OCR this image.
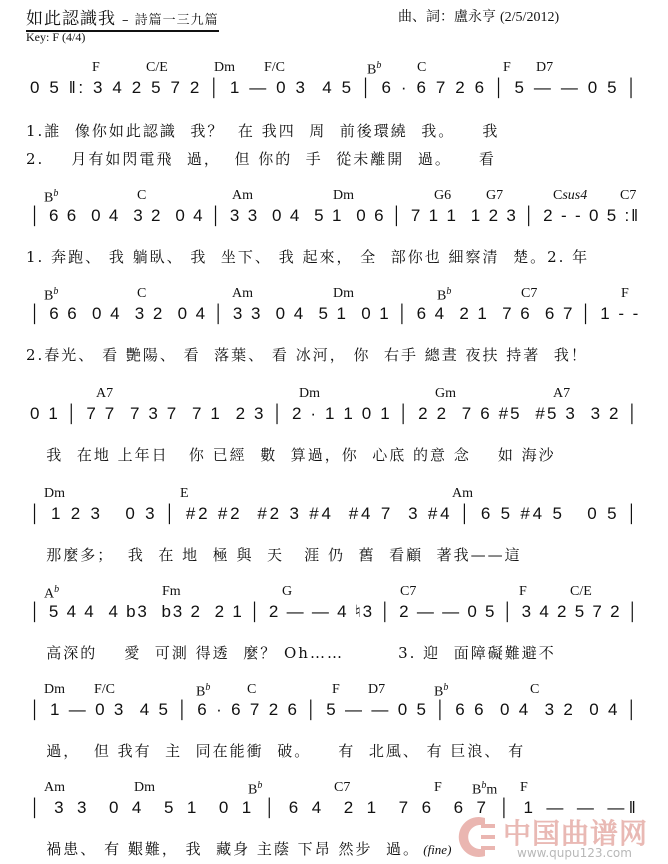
如此認識我 – 詩篇一三九篇	曲、詞：盧永亨 (2/5/2012)
Key: F (4/4)
F	C/E	Dm F/C	$B^b$	C	F D7
0 5 ‖: 3 4 2 5 7 2 │ 1 — 0 3  4 5 │ 6 · 6 7 2 6 │ 5 — — 0 5 │
1.誰  像你如此認識  我？  在 我四  周  前後環繞  我。    我
2.    月有如閃電飛  過，  但 你的  手  從未離開  過。    看
$B^b$	C	Am	Dm	G6 G7	Csus4 C7
│ 6 6  0 4  3 2  0 4 │ 3 3  0 4  5 1  0 6 │ 7 1 1  1 2 3 │ 2 - - 0 5 :‖
1. 奔跑、 我 躺臥、 我  坐下、 我 起來， 全  部你也 細察清  楚。2. 年
$B^b$	C	Am	Dm	$B^b$	C7	F
│ 6 6  0 4  3 2  0 4 │ 3 3  0 4  5 1  0 1 │ 6 4  2 1  7 6  6 7 │ 1 - -
2.春光、 看 艷陽、 看  落葉、 看 冰河， 你  右手 總晝 夜扶 持著  我！
A7	Dm	Gm	A7
0 1 │ 7 7  7 3 7  7 1  2 3 │ 2 · 1 1 0 1 │ 2 2  7 6 #5  #5 3  3 2 │
我  在地 上年日   你 已經  數  算過，你  心底 的意 念    如 海沙
Dm	E	Am
│ 1 2 3   0 3 │ #2 #2  #2 3 #4  #4 7  3 #4 │ 6 5 #4 5   0 5 │
那麼多；  我  在 地  極 與  天   涯 仍  舊  看顧  著我——這
$A^b$	Fm	G	C7	F	C/E
│ 5 4 4  4 b3  b3 2  2 1 │ 2 — — 4 ♮3 │ 2 — — 0 5 │ 3 4 2 5 7 2 │
高深的    愛  可測 得透  麼？ Oh……        3. 迎  面障礙難避不
Dm F/C	$B^b$	C	F D7	$B^b$	C
│ 1 — 0 3  4 5 │ 6 · 6 7 2 6 │ 5 — — 0 5 │ 6 6  0 4  3 2  0 4 │
過，  但 我有  主  同在能衝  破。    有  北風、 有 巨浪、 有
Am	Dm	$B^b$	C7	F $B^bm$ F
│ 3 3  0 4  5 1  0 1 │ 6 4  2 1  7 6  6 7 │ 1 — — —‖
禍患、 有 艱難， 我  藏身 主蔭 下昂 然步  過。 (fine) 中国曲谱网
www.qupu123.com
